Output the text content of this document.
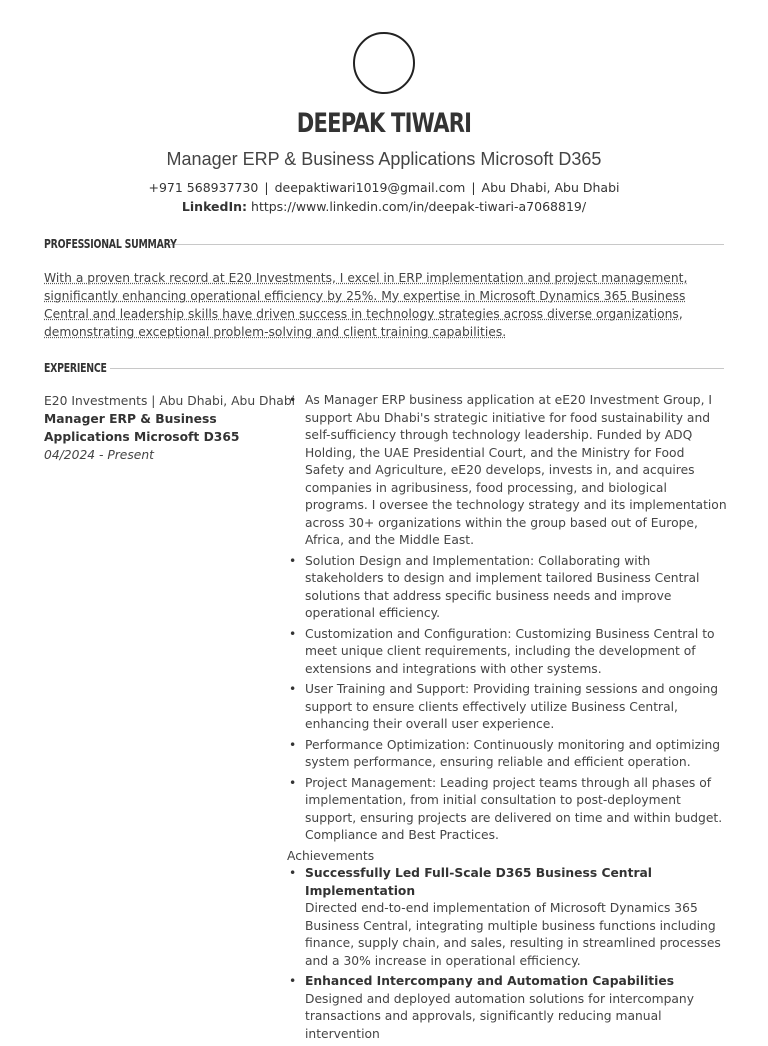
DEEPAK TIWARI
Manager ERP & Business Applications Microsoft D365
+971 568937730 | deepaktiwari1019@gmail.com | Abu Dhabi, Abu Dhabi
LinkedIn: https://www.linkedin.com/in/deepak-tiwari-a7068819/
PROFESSIONAL SUMMARY
With a proven track record at E20 Investments, I excel in ERP implementation and project management, significantly enhancing operational efficiency by 25%. My expertise in Microsoft Dynamics 365 Business Central and leadership skills have driven success in technology strategies across diverse organizations, demonstrating exceptional problem-solving and client training capabilities.
EXPERIENCE
E20 Investments | Abu Dhabi, Abu Dhabi
Manager ERP & Business Applications Microsoft D365
04/2024 - Present
• As Manager ERP business application at eE20 Investment Group, I support Abu Dhabi's strategic initiative for food sustainability and self-sufficiency through technology leadership. Funded by ADQ Holding, the UAE Presidential Court, and the Ministry for Food Safety and Agriculture, eE20 develops, invests in, and acquires companies in agribusiness, food processing, and biological programs. I oversee the technology strategy and its implementation across 30+ organizations within the group based out of Europe, Africa, and the Middle East.
• Solution Design and Implementation: Collaborating with stakeholders to design and implement tailored Business Central solutions that address specific business needs and improve operational efficiency.
• Customization and Configuration: Customizing Business Central to meet unique client requirements, including the development of extensions and integrations with other systems.
• User Training and Support: Providing training sessions and ongoing support to ensure clients effectively utilize Business Central, enhancing their overall user experience.
• Performance Optimization: Continuously monitoring and optimizing system performance, ensuring reliable and efficient operation.
• Project Management: Leading project teams through all phases of implementation, from initial consultation to post-deployment support, ensuring projects are delivered on time and within budget. Compliance and Best Practices.
Achievements
• Successfully Led Full-Scale D365 Business Central Implementation
Directed end-to-end implementation of Microsoft Dynamics 365 Business Central, integrating multiple business functions including finance, supply chain, and sales, resulting in streamlined processes and a 30% increase in operational efficiency.
• Enhanced Intercompany and Automation Capabilities
Designed and deployed automation solutions for intercompany transactions and approvals, significantly reducing manual intervention
